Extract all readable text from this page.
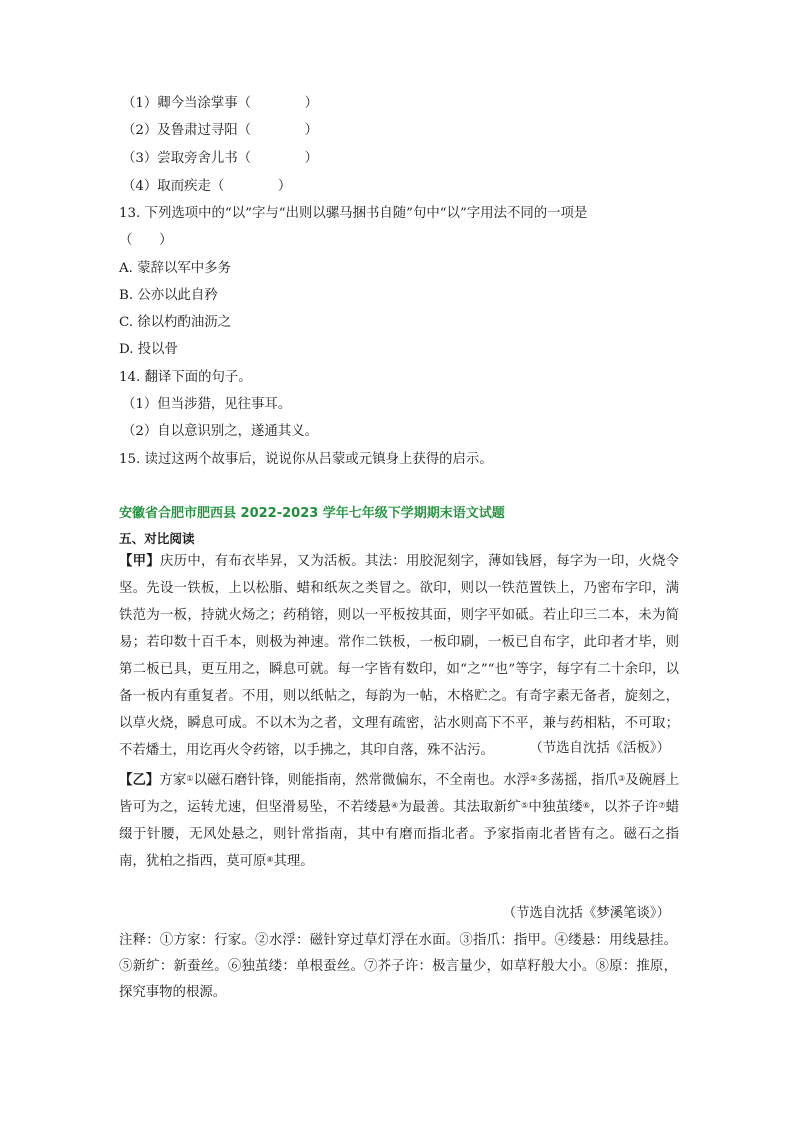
（1）卿今当涂掌事（　　　　）
（2）及鲁肃过寻阳（　　　　）
（3）尝取旁舍儿书（　　　　）
（4）取而疾走（　　　　）
13. 下列选项中的“以”字与“出则以骡马捆书自随”句中“以”字用法不同的一项是
（　　）
A. 蒙辞以军中多务
B. 公亦以此自矜
C. 徐以杓酌油沥之
D. 投以骨
14. 翻译下面的句子。
（1）但当涉猎，见往事耳。
（2）自以意识别之，遂通其义。
15. 读过这两个故事后，说说你从吕蒙或元镇身上获得的启示。
安徽省合肥市肥西县 2022-2023 学年七年级下学期期末语文试题
五、对比阅读
【甲】庆历中，有布衣毕昇，又为活板。其法：用胶泥刻字，薄如钱唇，每字为一印，火烧令坚。先设一铁板，上以松脂、蜡和纸灰之类冒之。欲印，则以一铁范置铁上，乃密布字印，满铁范为一板，持就火炀之；药稍镕，则以一平板按其面，则字平如砥。若止印三二本，未为简易；若印数十百千本，则极为神速。常作二铁板，一板印刷，一板已自布字，此印者才毕，则第二板已具，更互用之，瞬息可就。每一字皆有数印，如“之”“也”等字，每字有二十余印，以备一板内有重复者。不用，则以纸帖之，每韵为一帖，木格贮之。有奇字素无备者，旋刻之，以草火烧，瞬息可成。不以木为之者，文理有疏密，沾水则高下不平，兼与药相粘，不可取；不若燔土，用讫再火令药镕，以手拂之，其印自落，殊不沾污。	（节选自沈括《活板》）
【乙】方家①以磁石磨针锋，则能指南，然常微偏东，不全南也。水浮②多荡摇，指爪③及碗唇上皆可为之，运转尤速，但坚滑易坠，不若缕悬④为最善。其法取新纩⑤中独茧缕⑥，以芥子许⑦蜡缀于针腰，无风处悬之，则针常指南，其中有磨而指北者。予家指南北者皆有之。磁石之指南，犹柏之指西，莫可原⑧其理。
（节选自沈括《梦溪笔谈》）
注释：①方家：行家。②水浮：磁针穿过草灯浮在水面。③指爪：指甲。④缕悬：用线悬挂。⑤新纩：新蚕丝。⑥独茧缕：单根蚕丝。⑦芥子许：极言量少，如草籽般大小。⑧原：推原，探究事物的根源。
